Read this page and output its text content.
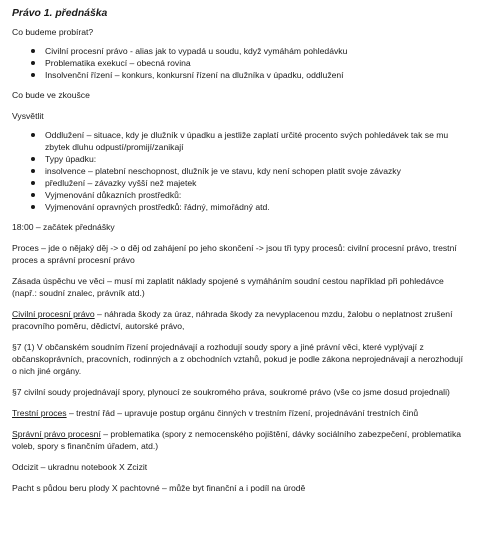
Právo 1. přednáška

Co budeme probírat?

Civilní procesní právo - alias jak to vypadá u soudu, když vymáhám pohledávku
Problematika exekucí – obecná rovina
Insolvenční řízení – konkurs, konkursní řízení na dlužníka v úpadku, oddlužení

Co bude ve zkoušce

Vysvětlit

Oddlužení – situace, kdy je dlužník v úpadku a jestliže zaplatí určité procento svých pohledávek tak se mu zbytek dluhu odpustí/promijí/zanikají
Typy úpadku:
insolvence – platební neschopnost, dlužník je ve stavu, kdy není schopen platit svoje závazky
předlužení – závazky vyšší než majetek
Vyjmenování důkazních prostředků:
Vyjmenování opravných prostředků: řádný, mimořádný atd.

18:00 – začátek přednášky

Proces – jde o nějaký děj -> o děj od zahájení po jeho skončení -> jsou tři typy procesů: civilní procesní právo, trestní proces a správní procesní právo

Zásada úspěchu ve věci – musí mi zaplatit náklady spojené s vymáháním soudní cestou například při pohledávce (např.: soudní znalec, právník atd.)

Civilní procesní právo – náhrada škody za úraz, náhrada škody za nevyplacenou mzdu, žalobu o neplatnost zrušení pracovního poměru, dědictví, autorské právo,

§7 (1) V občanském soudním řízení projednávají a rozhodují soudy spory a jiné právní věci, které vyplývají z občanskoprávních, pracovních, rodinných a z obchodních vztahů, pokud je podle zákona neprojednávají a nerozhodují o nich jiné orgány.

§7 civilní soudy projednávají spory, plynoucí ze soukromého práva, soukromé právo (vše co jsme dosud projednali)

Trestní proces – trestní řád – upravuje postup orgánu činných v trestním řízení, projednávání trestních činů

Správní právo procesní – problematika (spory z nemocenského pojištění, dávky sociálního zabezpečení, problematika voleb, spory s finančním úřadem, atd.)

Odcizit – ukradnu notebook X Zcizit

Pacht s půdou beru plody X pachtovné – může byt finanční a i podíl na úrodě
